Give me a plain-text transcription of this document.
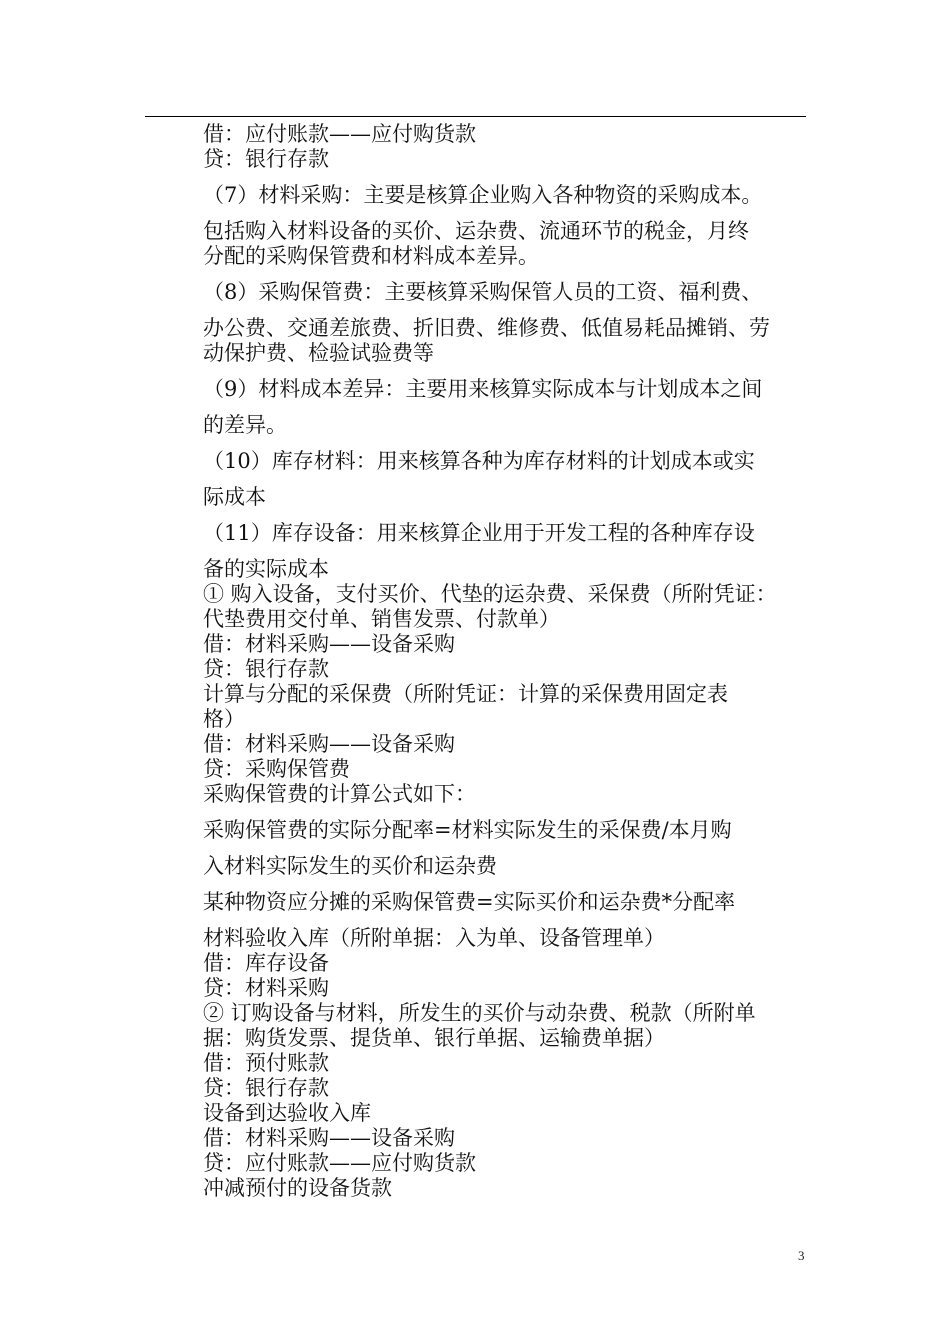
借：应付账款——应付购货款

贷：银行存款

（7）材料采购：主要是核算企业购入各种物资的采购成本。

包括购入材料设备的买价、运杂费、流通环节的税金，月终

分配的采购保管费和材料成本差异。

（8）采购保管费：主要核算采购保管人员的工资、福利费、

办公费、交通差旅费、折旧费、维修费、低值易耗品摊销、劳

动保护费、检验试验费等

（9）材料成本差异：主要用来核算实际成本与计划成本之间

的差异。

（10）库存材料：用来核算各种为库存材料的计划成本或实

际成本

（11）库存设备：用来核算企业用于开发工程的各种库存设

备的实际成本

① 购入设备，支付买价、代垫的运杂费、采保费（所附凭证：

代垫费用交付单、销售发票、付款单）

借：材料采购——设备采购

贷：银行存款

计算与分配的采保费（所附凭证：计算的采保费用固定表

格）

借：材料采购——设备采购

贷：采购保管费

采购保管费的计算公式如下：

采购保管费的实际分配率=材料实际发生的采保费/本月购

入材料实际发生的买价和运杂费

某种物资应分摊的采购保管费=实际买价和运杂费*分配率

材料验收入库（所附单据：入为单、设备管理单）

借：库存设备

贷：材料采购

② 订购设备与材料，所发生的买价与动杂费、税款（所附单

据：购货发票、提货单、银行单据、运输费单据）

借：预付账款

贷：银行存款

设备到达验收入库

借：材料采购——设备采购

贷：应付账款——应付购货款

冲减预付的设备货款

3
